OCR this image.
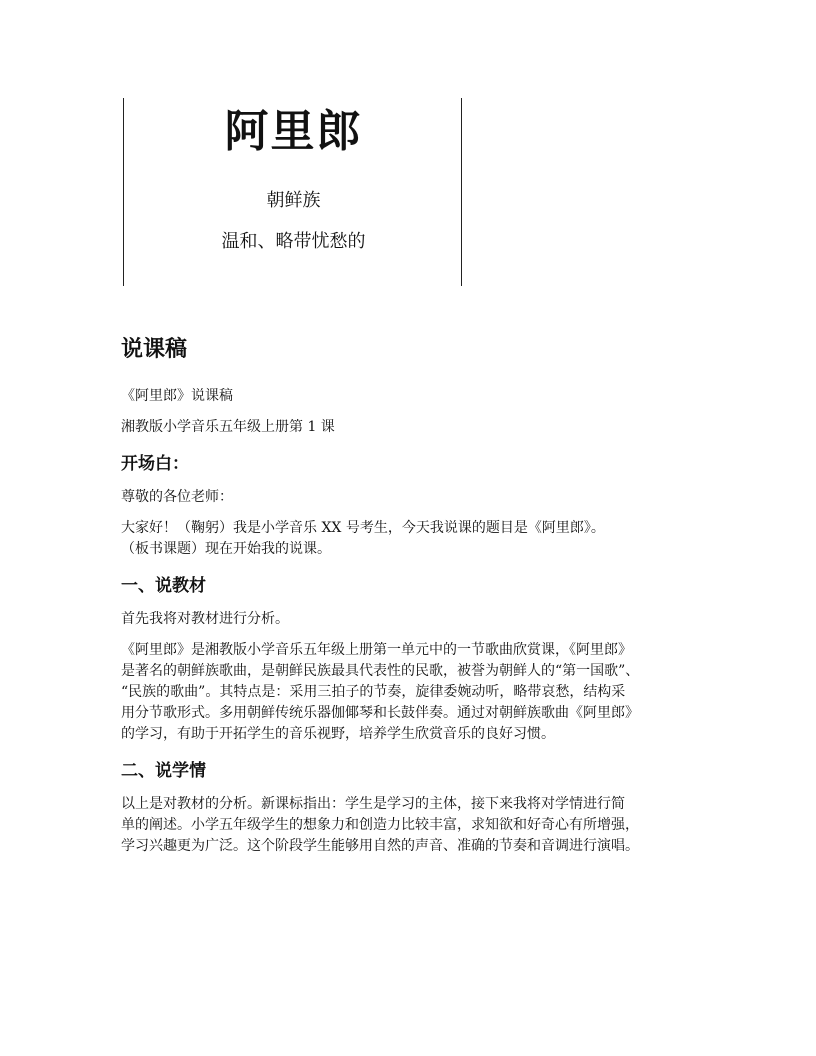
阿里郎
朝鲜族
温和、略带忧愁的
说课稿

《阿里郎》说课稿

湘教版小学音乐五年级上册第 1 课

开场白：

尊敬的各位老师：

大家好！（鞠躬）我是小学音乐 XX 号考生，今天我说课的题目是《阿里郎》。
（板书课题）现在开始我的说课。

一、说教材

首先我将对教材进行分析。

《阿里郎》是湘教版小学音乐五年级上册第一单元中的一节歌曲欣赏课，《阿里郎》
是著名的朝鲜族歌曲，是朝鲜民族最具代表性的民歌，被誉为朝鲜人的“第一国歌”、
“民族的歌曲”。其特点是：采用三拍子的节奏，旋律委婉动听，略带哀愁，结构采
用分节歌形式。多用朝鲜传统乐器伽倻琴和长鼓伴奏。通过对朝鲜族歌曲《阿里郎》
的学习，有助于开拓学生的音乐视野，培养学生欣赏音乐的良好习惯。

二、说学情

以上是对教材的分析。新课标指出：学生是学习的主体，接下来我将对学情进行简
单的阐述。小学五年级学生的想象力和创造力比较丰富，求知欲和好奇心有所增强，
学习兴趣更为广泛。这个阶段学生能够用自然的声音、准确的节奏和音调进行演唱。
